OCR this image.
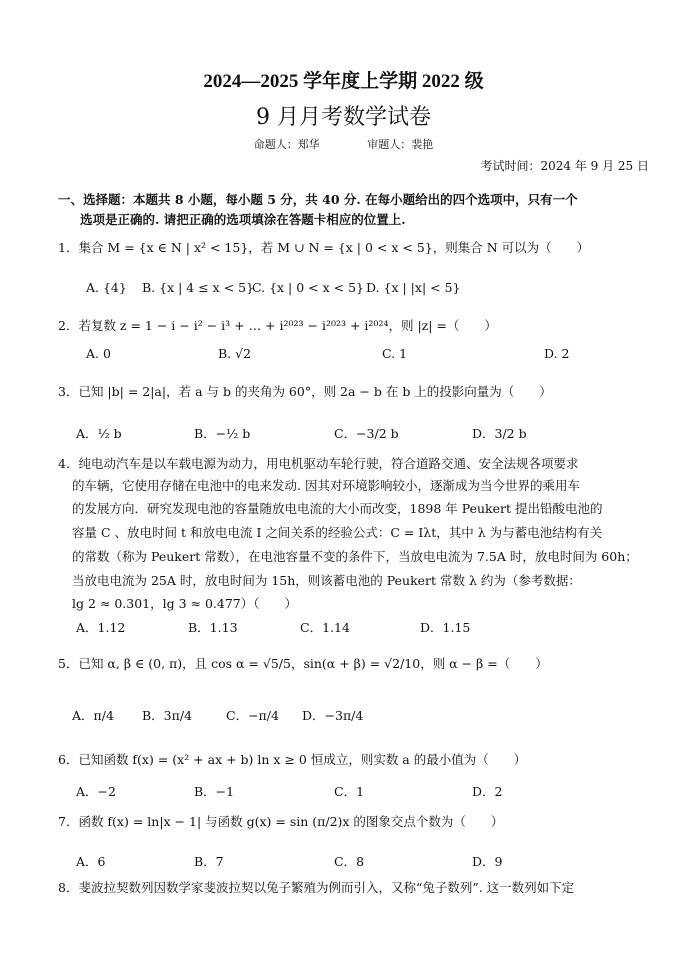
2024—2025 学年度上学期 2022 级
9 月月考数学试卷
命题人：郑华	审题人：裴艳
考试时间：2024 年 9 月 25 日
一、选择题：本题共 8 小题，每小题 5 分，共 40 分. 在每小题给出的四个选项中，只有一个
选项是正确的. 请把正确的选项填涂在答题卡相应的位置上.
1．集合 M = {x ∈ N | x² < 15}，若 M ∪ N = {x | 0 < x < 5}，则集合 N 可以为（　　）
A. {4} B. {x | 4 ≤ x < 5}
C. {x | 0 < x < 5} D. {x | |x| < 5}
2．若复数 z = 1 − i − i² − i³ + … + i²⁰²³ − i²⁰²³ + i²⁰²⁴，则 |z| =（　　）
A. 0	B. √2	C. 1	D. 2
3．已知 |b| = 2|a|，若 a 与 b 的夹角为 60°，则 2a − b 在 b 上的投影向量为（　　）
A．½ b	B．−½ b	C．−3/2 b	D．3/2 b
4．纯电动汽车是以车载电源为动力，用电机驱动车轮行驶，符合道路交通、安全法规各项要求
的车辆，它使用存储在电池中的电来发动. 因其对环境影响较小，逐渐成为当今世界的乘用车
的发展方向．研究发现电池的容量随放电电流的大小而改变，1898 年 Peukert 提出铅酸电池的
容量 C 、放电时间 t 和放电电流 I 之间关系的经验公式：C = Iλt，其中 λ 为与蓄电池结构有关
的常数（称为 Peukert 常数），在电池容量不变的条件下，当放电电流为 7.5A 时，放电时间为 60h；
当放电电流为 25A 时，放电时间为 15h，则该蓄电池的 Peukert 常数 λ 约为（参考数据：
lg 2 ≈ 0.301，lg 3 ≈ 0.477）（　　）
A．1.12	B．1.13	C．1.14	D．1.15
5．已知 α, β ∈ (0, π)，且 cos α = √5/5，sin(α + β) = √2/10，则 α − β =（　　）
A．π/4 B．3π/4	C．−π/4 D．−3π/4
6．已知函数 f(x) = (x² + ax + b) ln x ≥ 0 恒成立，则实数 a 的最小值为（　　）
A．−2	B．−1	C．1	D．2
7．函数 f(x) = ln|x − 1| 与函数 g(x) = sin (π/2)x 的图象交点个数为（　　）
A．6	B．7	C．8	D．9
8．斐波拉契数列因数学家斐波拉契以兔子繁殖为例而引入，又称“兔子数列”. 这一数列如下定
